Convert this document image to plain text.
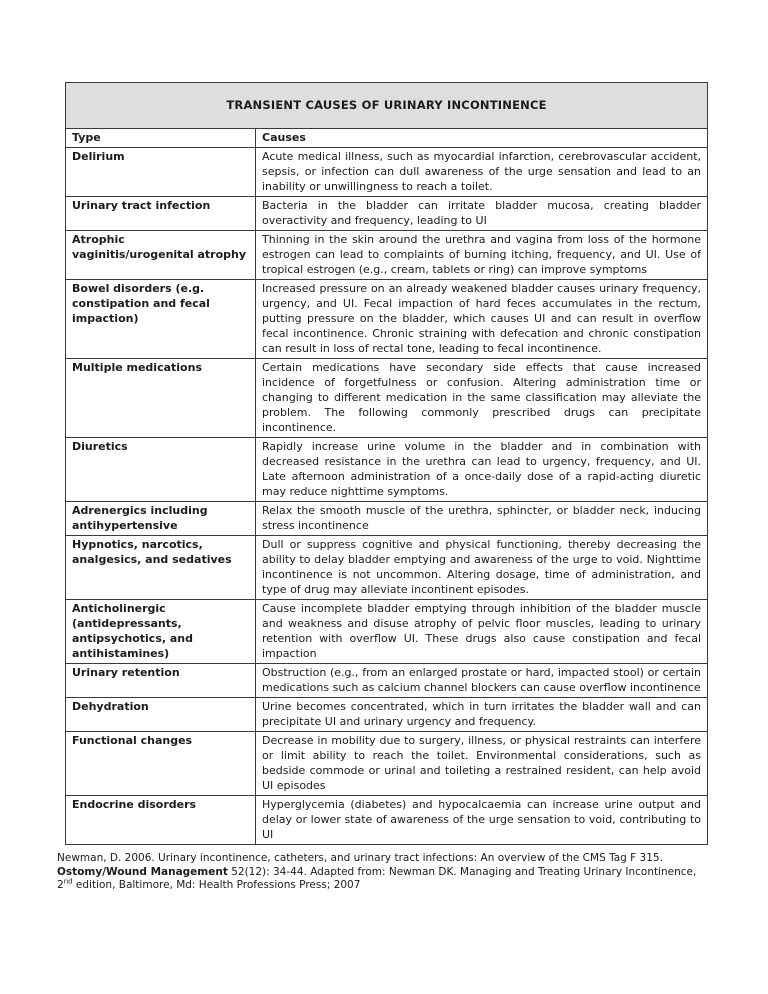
TRANSIENT CAUSES OF URINARY INCONTINENCE	
Type	Causes
Delirium	Acute medical illness, such as myocardial infarction, cerebrovascular accident, sepsis, or infection can dull awareness of the urge sensation and lead to an inability or unwillingness to reach a toilet.
Urinary tract infection	Bacteria in the bladder can irritate bladder mucosa, creating bladder overactivity and frequency, leading to UI
Atrophic vaginitis/urogenital atrophy	Thinning in the skin around the urethra and vagina from loss of the hormone estrogen can lead to complaints of burning itching, frequency, and UI. Use of tropical estrogen (e.g., cream, tablets or ring) can improve symptoms
Bowel disorders (e.g. constipation and fecal impaction)	Increased pressure on an already weakened bladder causes urinary frequency, urgency, and UI. Fecal impaction of hard feces accumulates in the rectum, putting pressure on the bladder, which causes UI and can result in overflow fecal incontinence. Chronic straining with defecation and chronic constipation can result in loss of rectal tone, leading to fecal incontinence.
Multiple medications	Certain medications have secondary side effects that cause increased incidence of forgetfulness or confusion. Altering administration time or changing to different medication in the same classification may alleviate the problem. The following commonly prescribed drugs can precipitate incontinence.
Diuretics	Rapidly increase urine volume in the bladder and in combination with decreased resistance in the urethra can lead to urgency, frequency, and UI. Late afternoon administration of a once-daily dose of a rapid-acting diuretic may reduce nighttime symptoms.
Adrenergics including antihypertensive	Relax the smooth muscle of the urethra, sphincter, or bladder neck, inducing stress incontinence
Hypnotics, narcotics, analgesics, and sedatives	Dull or suppress cognitive and physical functioning, thereby decreasing the ability to delay bladder emptying and awareness of the urge to void. Nighttime incontinence is not uncommon. Altering dosage, time of administration, and type of drug may alleviate incontinent episodes.
Anticholinergic (antidepressants, antipsychotics, and antihistamines)	Cause incomplete bladder emptying through inhibition of the bladder muscle and weakness and disuse atrophy of pelvic floor muscles, leading to urinary retention with overflow UI. These drugs also cause constipation and fecal impaction
Urinary retention	Obstruction (e.g., from an enlarged prostate or hard, impacted stool) or certain medications such as calcium channel blockers can cause overflow incontinence
Dehydration	Urine becomes concentrated, which in turn irritates the bladder wall and can precipitate UI and urinary urgency and frequency.
Functional changes	Decrease in mobility due to surgery, illness, or physical restraints can interfere or limit ability to reach the toilet. Environmental considerations, such as bedside commode or urinal and toileting a restrained resident, can help avoid UI episodes
Endocrine disorders	Hyperglycemia (diabetes) and hypocalcaemia can increase urine output and delay or lower state of awareness of the urge sensation to void, contributing to UI

Newman, D. 2006. Urinary incontinence, catheters, and urinary tract infections: An overview of the CMS Tag F 315. Ostomy/Wound Management 52(12): 34-44. Adapted from: Newman DK. Managing and Treating Urinary Incontinence, 2nd edition, Baltimore, Md: Health Professions Press; 2007
